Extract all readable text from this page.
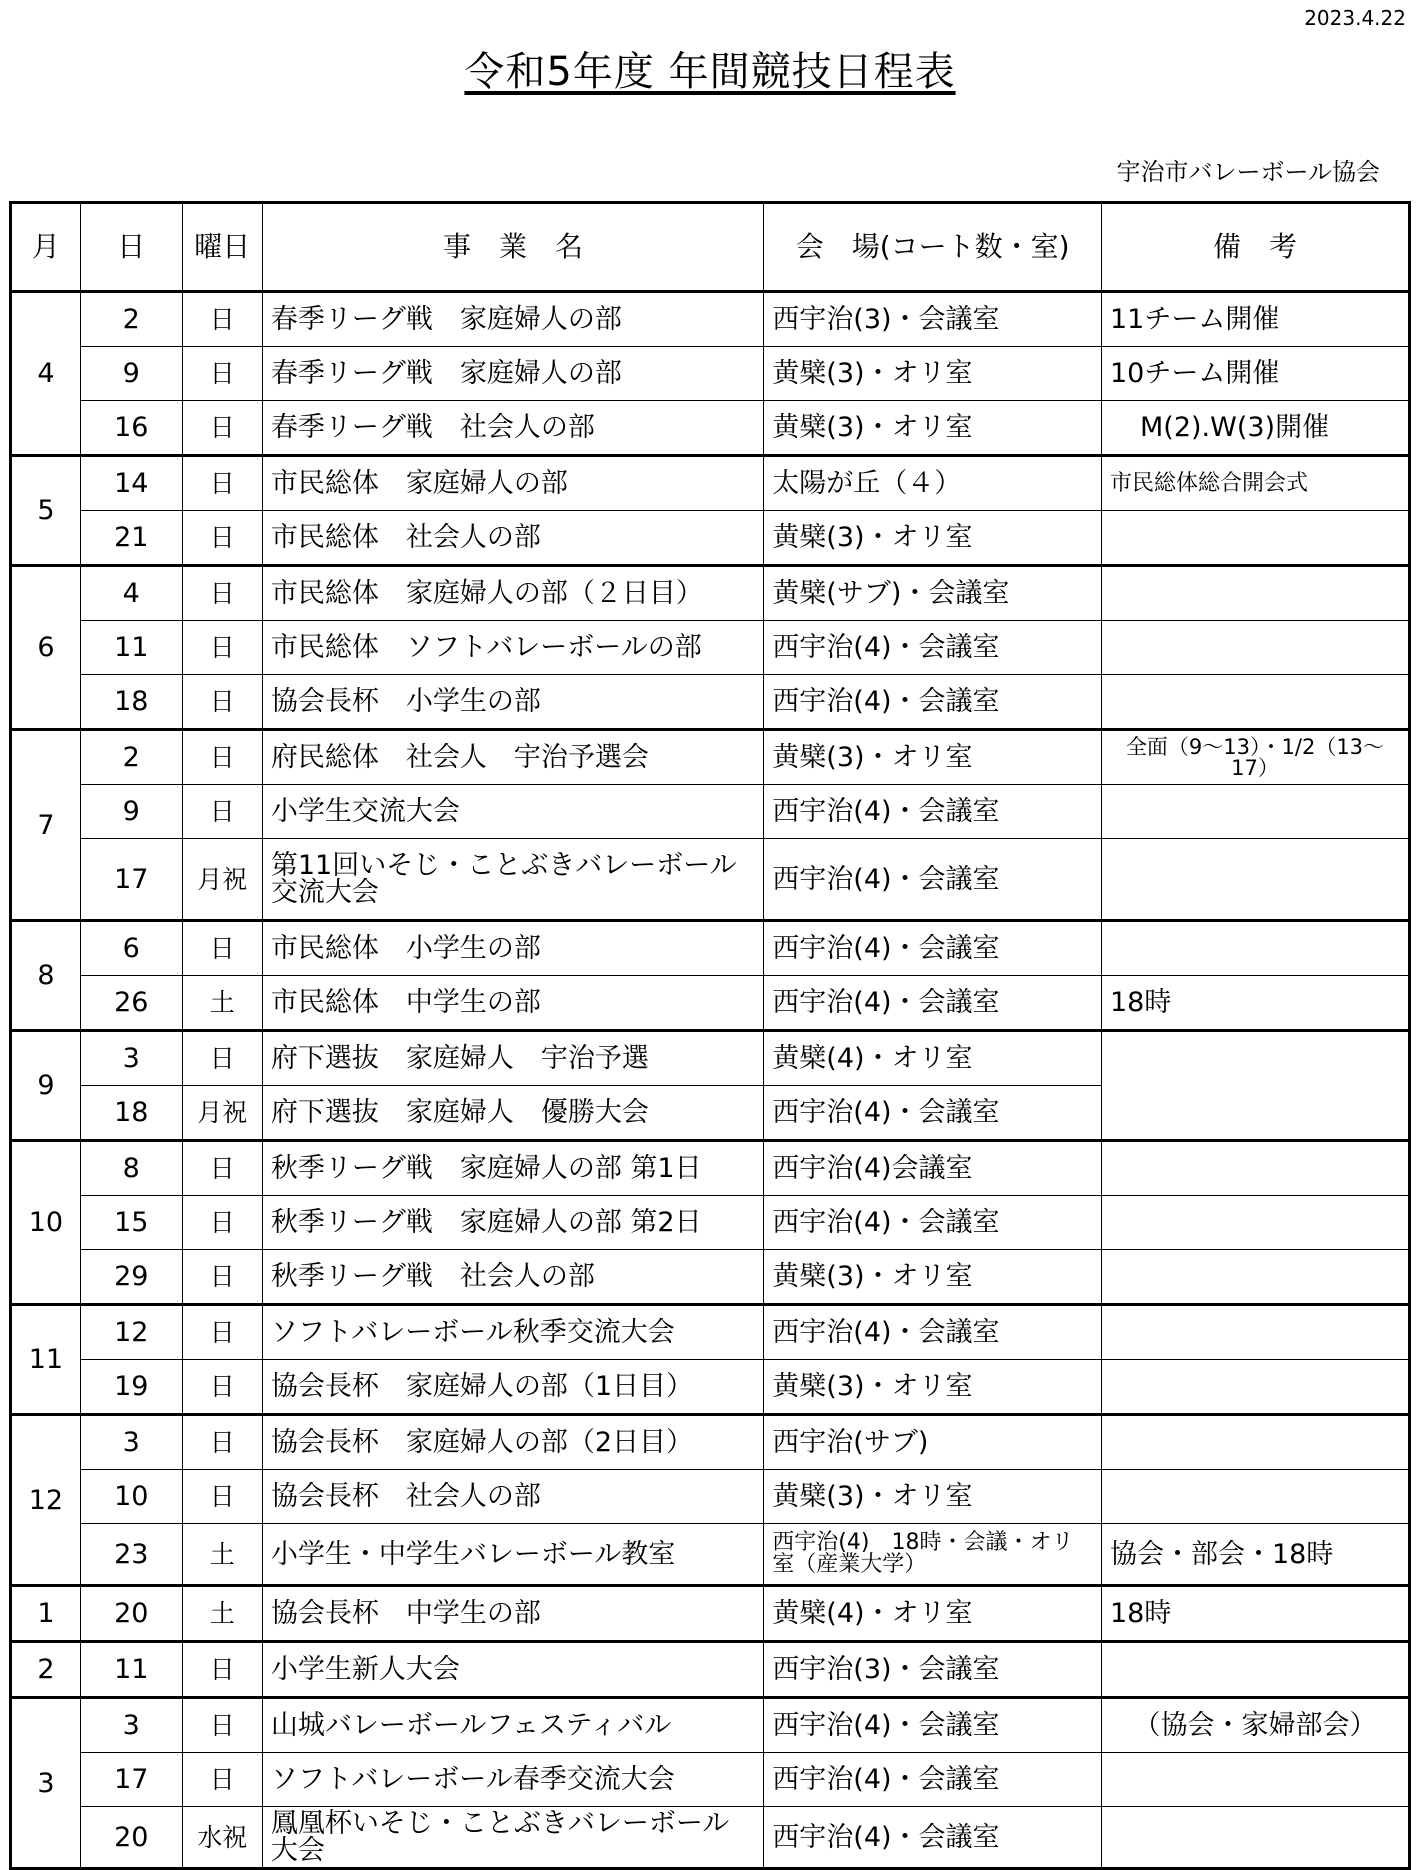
2023.4.22
令和5年度 年間競技日程表
宇治市バレーボール協会
月	日	曜日	事　業　名	会　場(コート数・室)	備　考
4	2	日	春季リーグ戦　家庭婦人の部	西宇治(3)・会議室	11チーム開催
	9	日	春季リーグ戦　家庭婦人の部	黄檗(3)・オリ室	10チーム開催
	16	日	春季リーグ戦　社会人の部	黄檗(3)・オリ室	M(2).W(3)開催
5	14	日	市民総体　家庭婦人の部	太陽が丘（４）	市民総体総合開会式
	21	日	市民総体　社会人の部	黄檗(3)・オリ室	
6	4	日	市民総体　家庭婦人の部（２日目）	黄檗(サブ)・会議室	
	11	日	市民総体　ソフトバレーボールの部	西宇治(4)・会議室	
	18	日	協会長杯　小学生の部	西宇治(4)・会議室	
7	2	日	府民総体　社会人　宇治予選会	黄檗(3)・オリ室	全面（9〜13）・1/2（13〜17）
	9	日	小学生交流大会	西宇治(4)・会議室	
	17	月祝	第11回いそじ・ことぶきバレーボール交流大会	西宇治(4)・会議室	
8	6	日	市民総体　小学生の部	西宇治(4)・会議室	
	26	土	市民総体　中学生の部	西宇治(4)・会議室	18時
9	3	日	府下選抜　家庭婦人　宇治予選	黄檗(4)・オリ室	
	18	月祝	府下選抜　家庭婦人　優勝大会	西宇治(4)・会議室	
10	8	日	秋季リーグ戦　家庭婦人の部 第1日	西宇治(4)会議室	
	15	日	秋季リーグ戦　家庭婦人の部 第2日	西宇治(4)・会議室	
	29	日	秋季リーグ戦　社会人の部	黄檗(3)・オリ室	
11	12	日	ソフトバレーボール秋季交流大会	西宇治(4)・会議室	
	19	日	協会長杯　家庭婦人の部（1日目）	黄檗(3)・オリ室	
12	3	日	協会長杯　家庭婦人の部（2日目）	西宇治(サブ)	
	10	日	協会長杯　社会人の部	黄檗(3)・オリ室	
	23	土	小学生・中学生バレーボール教室	西宇治(4)　18時・会議・オリ室（産業大学）	協会・部会・18時
1	20	土	協会長杯　中学生の部	黄檗(4)・オリ室	18時
2	11	日	小学生新人大会	西宇治(3)・会議室	
3	3	日	山城バレーボールフェスティバル	西宇治(4)・会議室	（協会・家婦部会）
	17	日	ソフトバレーボール春季交流大会	西宇治(4)・会議室	
	20	水祝	鳳凰杯いそじ・ことぶきバレーボール大会	西宇治(4)・会議室	
